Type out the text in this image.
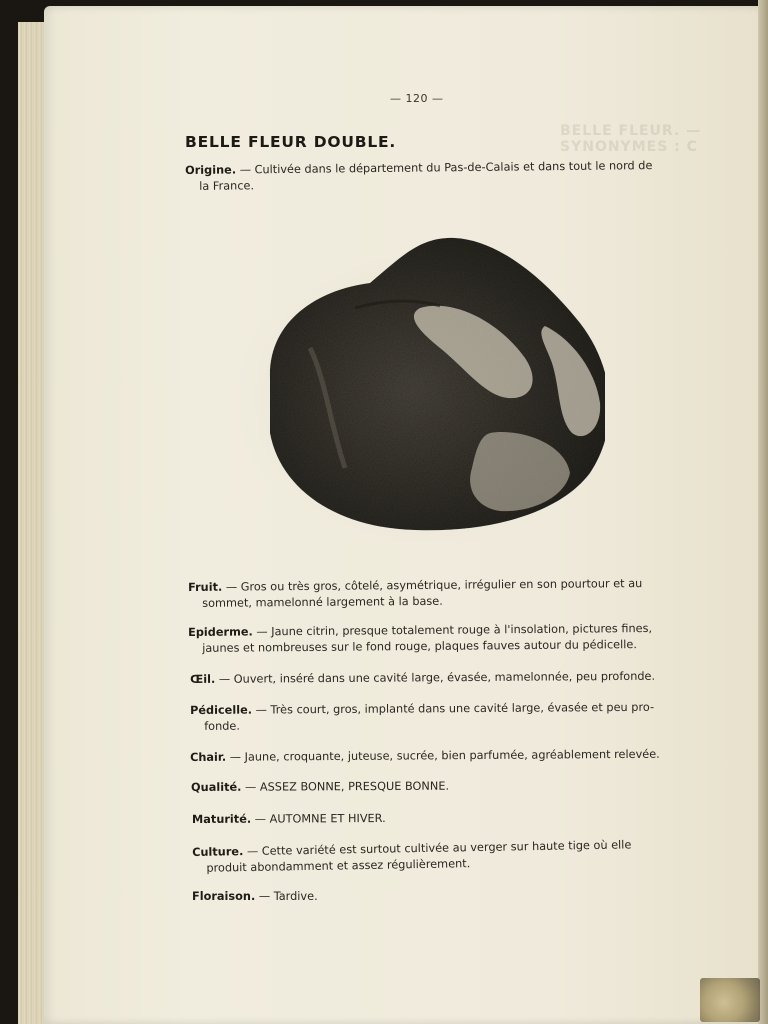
BELLE FLEUR. — SYNONYMES : C
— 120 —
BELLE FLEUR DOUBLE.
Origine. — Cultivée dans le département du Pas-de-Calais et dans tout le nord de
la France.
Fruit. — Gros ou très gros, côtelé, asymétrique, irrégulier en son pourtour et au
sommet, mamelonné largement à la base.
Epiderme. — Jaune citrin, presque totalement rouge à l'insolation, pictures fines,
jaunes et nombreuses sur le fond rouge, plaques fauves autour du pédicelle.
Œil. — Ouvert, inséré dans une cavité large, évasée, mamelonnée, peu profonde.
Pédicelle. — Très court, gros, implanté dans une cavité large, évasée et peu pro-
fonde.
Chair. — Jaune, croquante, juteuse, sucrée, bien parfumée, agréablement relevée.
Qualité. — ASSEZ BONNE, PRESQUE BONNE.
Maturité. — AUTOMNE ET HIVER.
Culture. — Cette variété est surtout cultivée au verger sur haute tige où elle
produit abondamment et assez régulièrement.
Floraison. — Tardive.
